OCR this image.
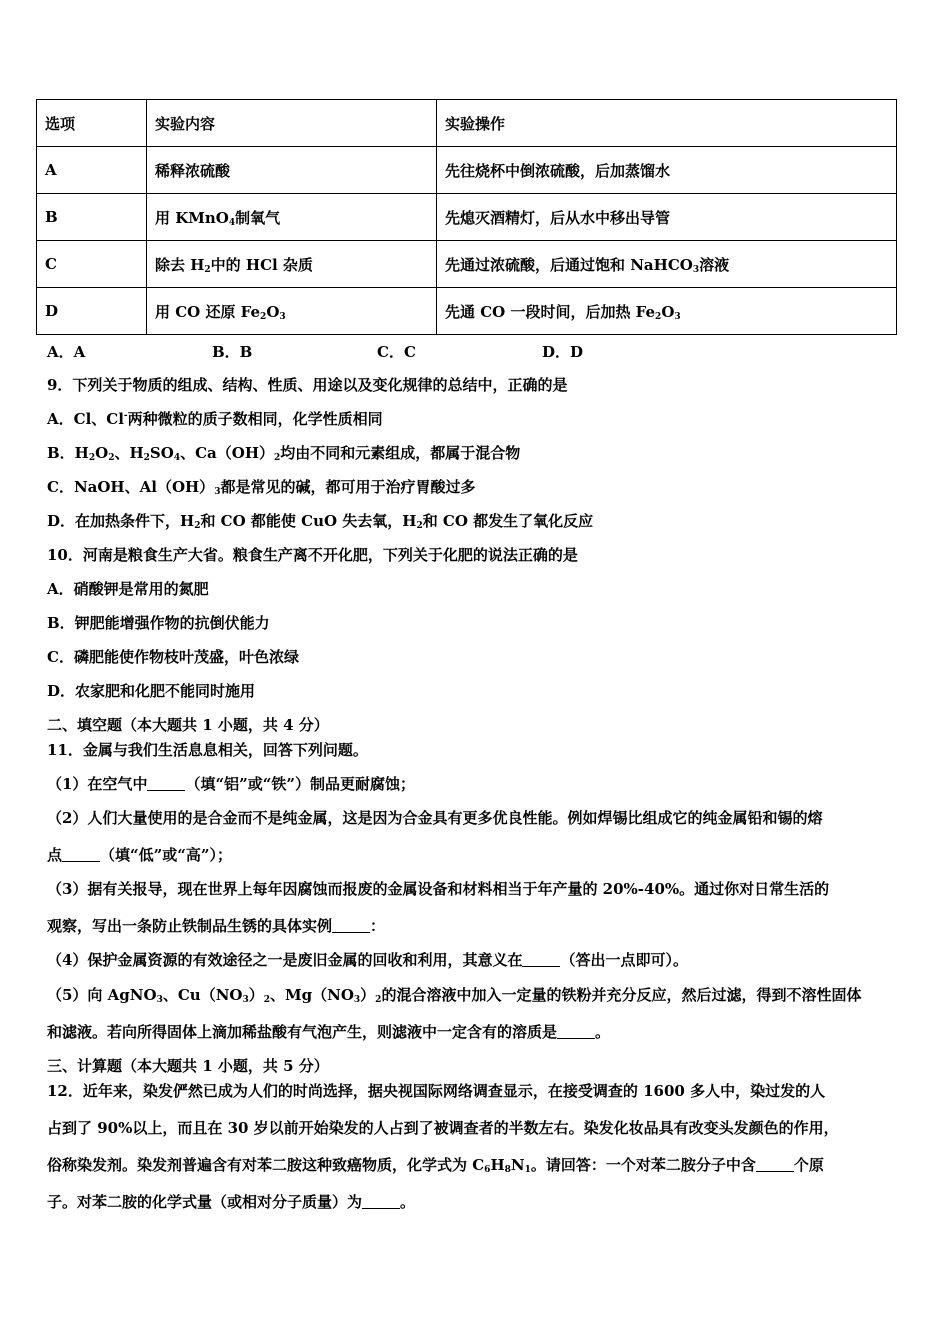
选项	实验内容	实验操作
A	稀释浓硫酸	先往烧杯中倒浓硫酸，后加蒸馏水
B	用 KMnO$_4$制氧气	先熄灭酒精灯，后从水中移出导管
C	除去 $H_2$中的 HCl 杂质	先通过浓硫酸，后通过饱和 NaHCO$_3$溶液
D	用 CO 还原 $Fe_2O_3$	先通 CO 一段时间，后加热 $Fe_2O_3$
A．A	B．B	C．C	D．D
9．下列关于物质的组成、结构、性质、用途以及变化规律的总结中，正确的是
A．Cl、Cl-两种微粒的质子数相同，化学性质相同
B．$H_2O_2$、$H_2SO_4$、$Ca(OH)_2$均由不同和元素组成，都属于混合物
C．NaOH、$Al(OH)_3$都是常见的碱，都可用于治疗胃酸过多
D．在加热条件下，$H_2$和 CO 都能使 CuO 失去氧，$H_2$和 CO 都发生了氧化反应
10．河南是粮食生产大省。粮食生产离不开化肥，下列关于化肥的说法正确的是
A．硝酸钾是常用的氮肥
B．钾肥能增强作物的抗倒伏能力
C．磷肥能使作物枝叶茂盛，叶色浓绿
D．农家肥和化肥不能同时施用
二、填空题（本大题共 1 小题，共 4 分）
11．金属与我们生活息息相关，回答下列问题。
（1）在空气中	（填“铝”或“铁”）制品更耐腐蚀；
（2）人们大量使用的是合金而不是纯金属，这是因为合金具有更多优良性能。例如焊锡比组成它的纯金属铅和锡的熔
点	（填“低”或“高”）；
（3）据有关报导，现在世界上每年因腐蚀而报废的金属设备和材料相当于年产量的 20%-40%。通过你对日常生活的
观察，写出一条防止铁制品生锈的具体实例	：
（4）保护金属资源的有效途径之一是废旧金属的回收和利用，其意义在	（答出一点即可）。
（5）向 AgNO$_3$、$Cu(NO_3)_2$、$Mg(NO_3)_2$的混合溶液中加入一定量的铁粉并充分反应，然后过滤，得到不溶性固体
和滤液。若向所得固体上滴加稀盐酸有气泡产生，则滤液中一定含有的溶质是	。
三、计算题（本大题共 1 小题，共 5 分）
12．近年来，染发俨然已成为人们的时尚选择，据央视国际网络调查显示，在接受调查的 1600 多人中，染过发的人
占到了 90%以上，而且在 30 岁以前开始染发的人占到了被调查者的半数左右。染发化妆品具有改变头发颜色的作用，
俗称染发剂。染发剂普遍含有对苯二胺这种致癌物质，化学式为 $C_6H_8N_1$。请回答：一个对苯二胺分子中含	个原
子。对苯二胺的化学式量（或相对分子质量）为	。
